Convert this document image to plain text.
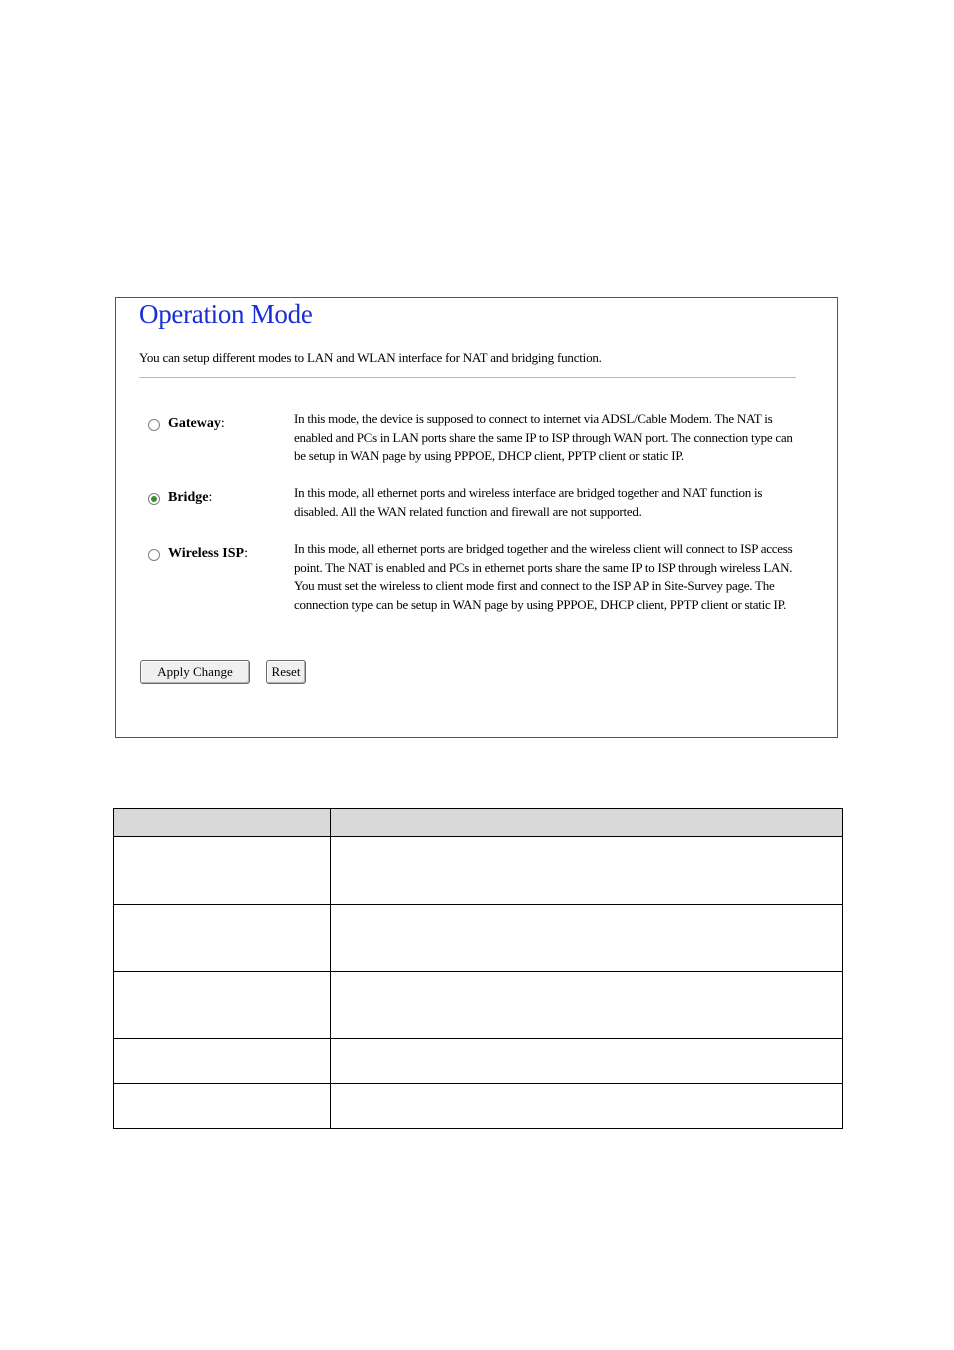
Operation Mode
You can setup different modes to LAN and WLAN interface for NAT and bridging function.
Gateway:	In this mode, the device is supposed to connect to internet via ADSL/Cable Modem. The NAT is enabled and PCs in LAN ports share the same IP to ISP through WAN port. The connection type can be setup in WAN page by using PPPOE, DHCP client, PPTP client or static IP.
Bridge:	In this mode, all ethernet ports and wireless interface are bridged together and NAT function is disabled. All the WAN related function and firewall are not supported.
Wireless ISP:	In this mode, all ethernet ports are bridged together and the wireless client will connect to ISP access point. The NAT is enabled and PCs in ethernet ports share the same IP to ISP through wireless LAN. You must set the wireless to client mode first and connect to the ISP AP in Site-Survey page. The connection type can be setup in WAN page by using PPPOE, DHCP client, PPTP client or static IP.
Apply Change	Reset
